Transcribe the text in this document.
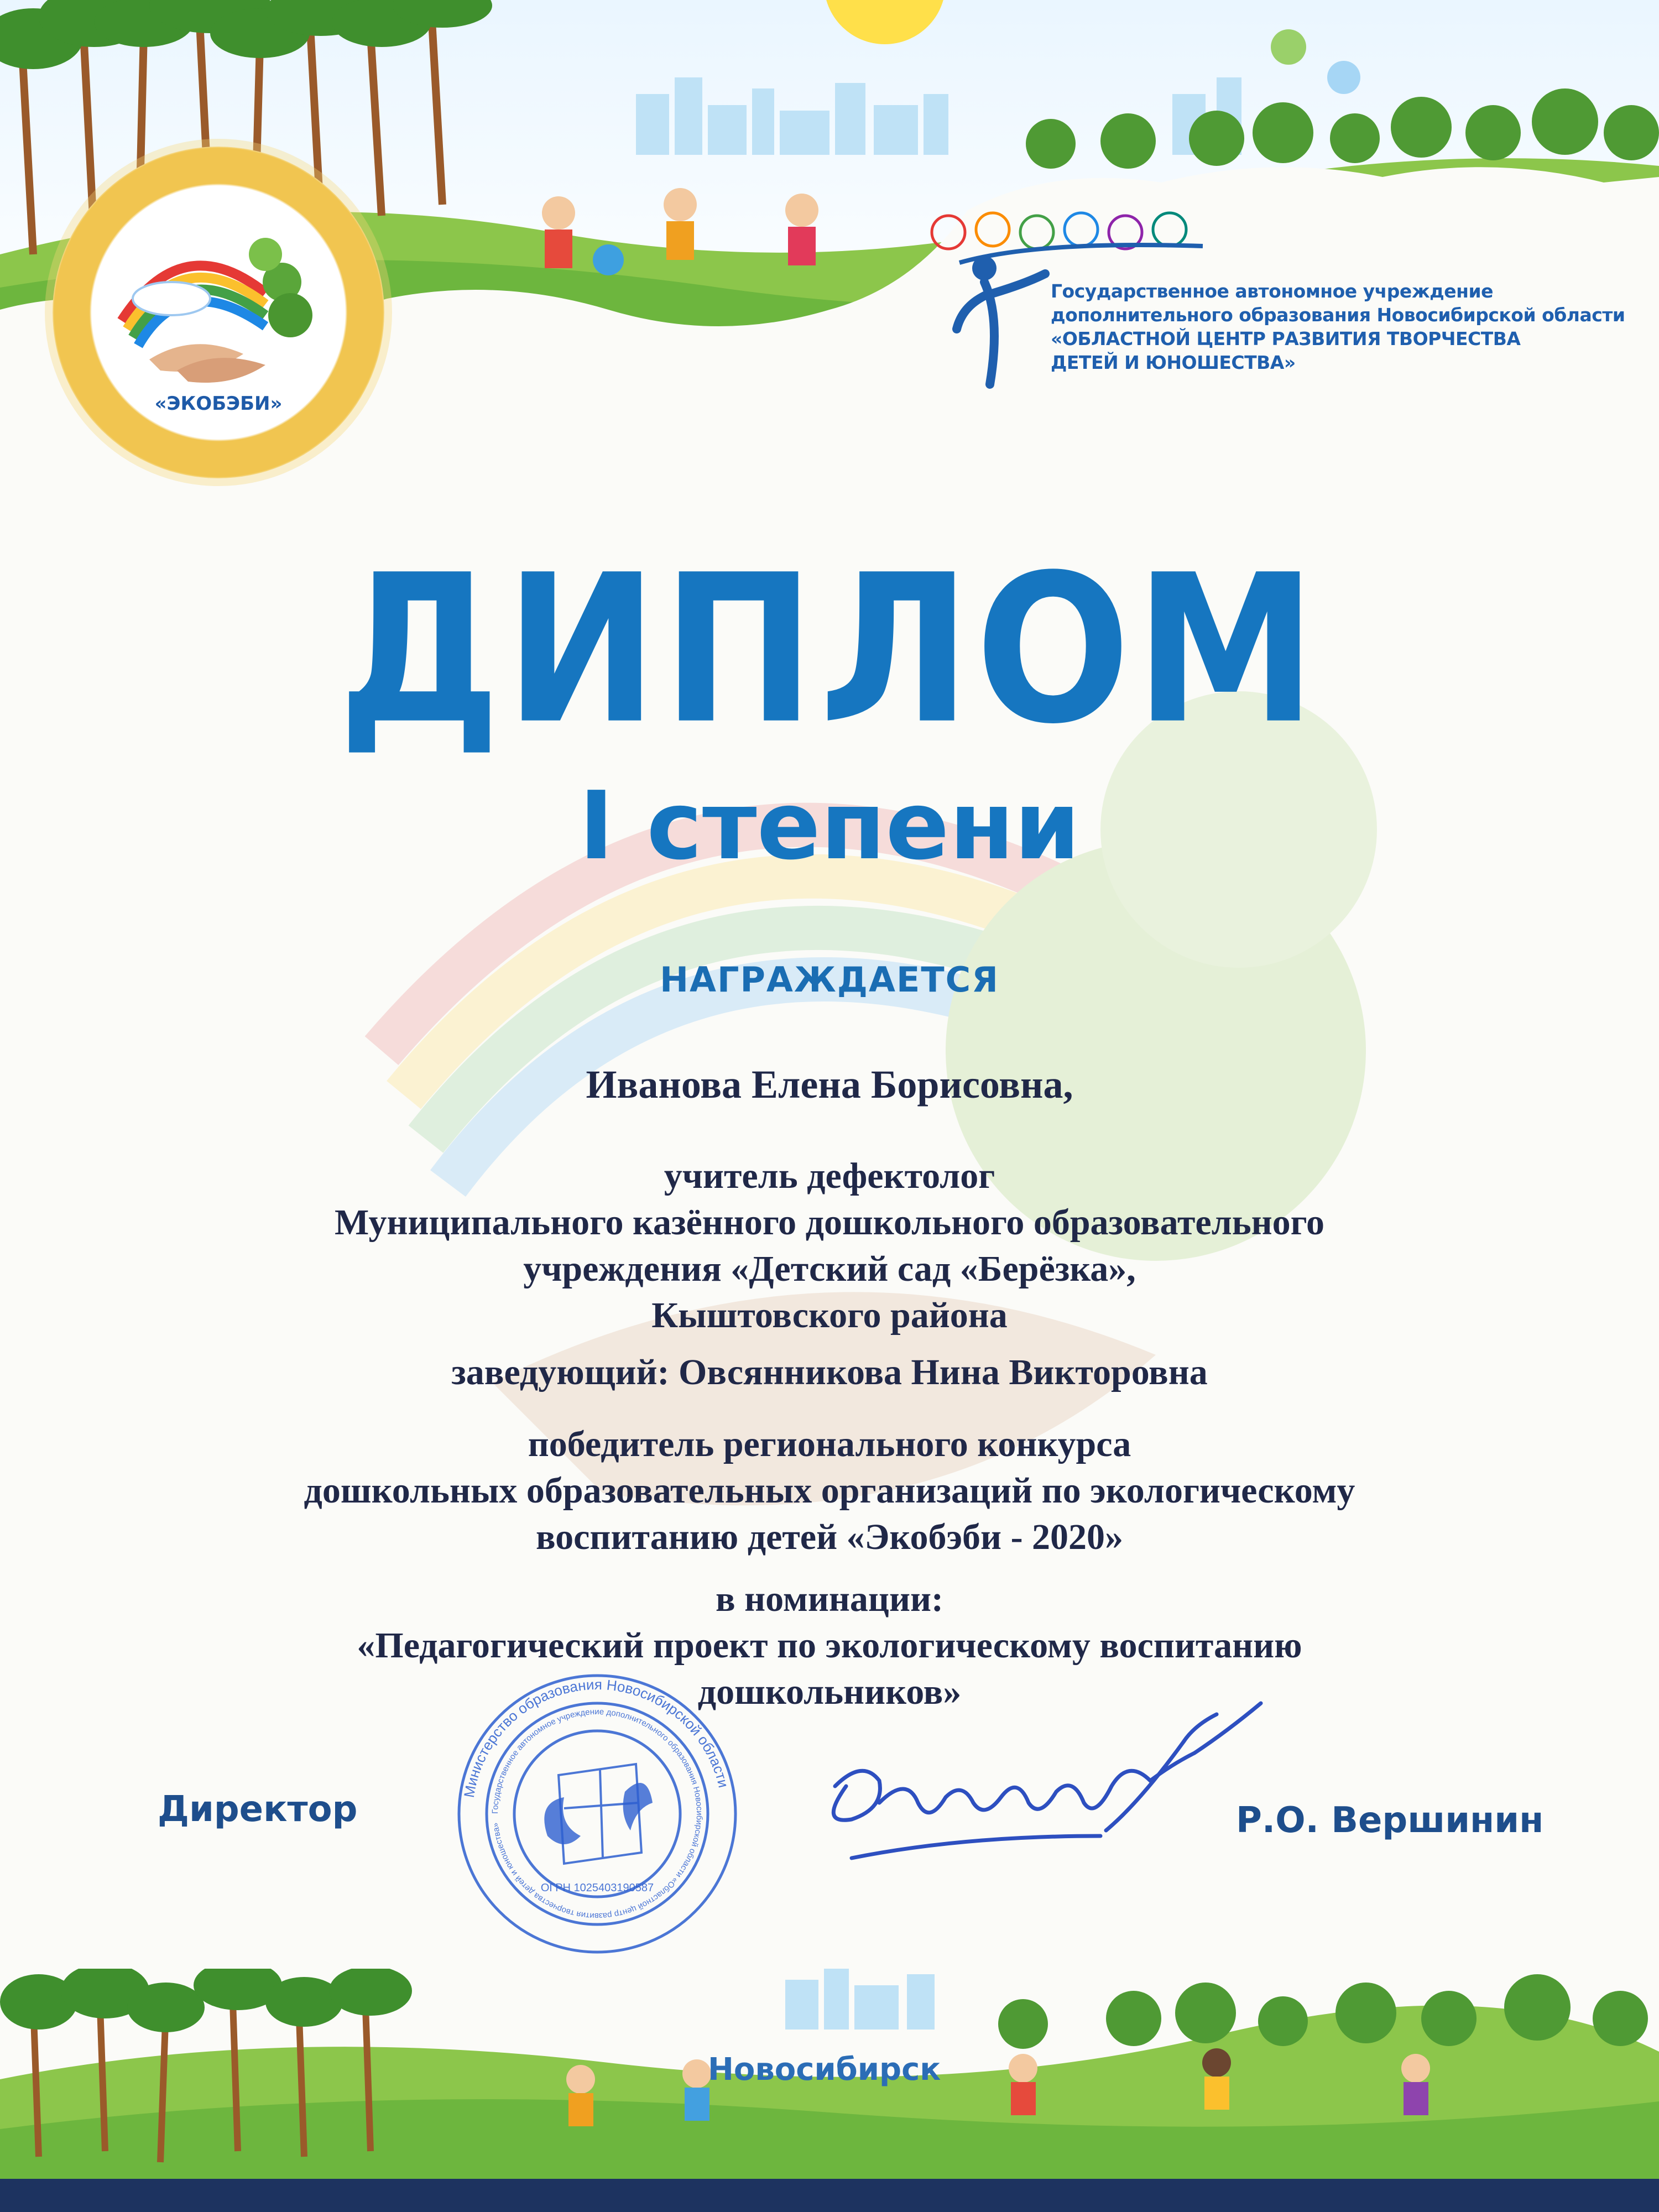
«ЭКОБЭБИ»
Государственное автономное учреждение
дополнительного образования Новосибирской области
«ОБЛАСТНОЙ ЦЕНТР РАЗВИТИЯ ТВОРЧЕСТВА
ДЕТЕЙ И ЮНОШЕСТВА»
ДИПЛОМ
I степени
НАГРАЖДАЕТСЯ
Иванова Елена Борисовна,
учитель дефектолог
Муниципального казённого дошкольного образовательного
учреждения «Детский сад «Берёзка»,
Кыштовского района
заведующий: Овсянникова Нина Викторовна
победитель регионального конкурса
дошкольных образовательных организаций по экологическому
воспитанию детей «Экобэби - 2020»
в номинации:
«Педагогический проект по экологическому воспитанию
дошкольников»
Министерство образования Новосибирской области
Государственное автономное учреждение дополнительного образования Новосибирской области «Областной центр развития творчества детей и юношества»
ОГРН 1025403190587
Директор	Р.О. Вершинин
Новосибирск
